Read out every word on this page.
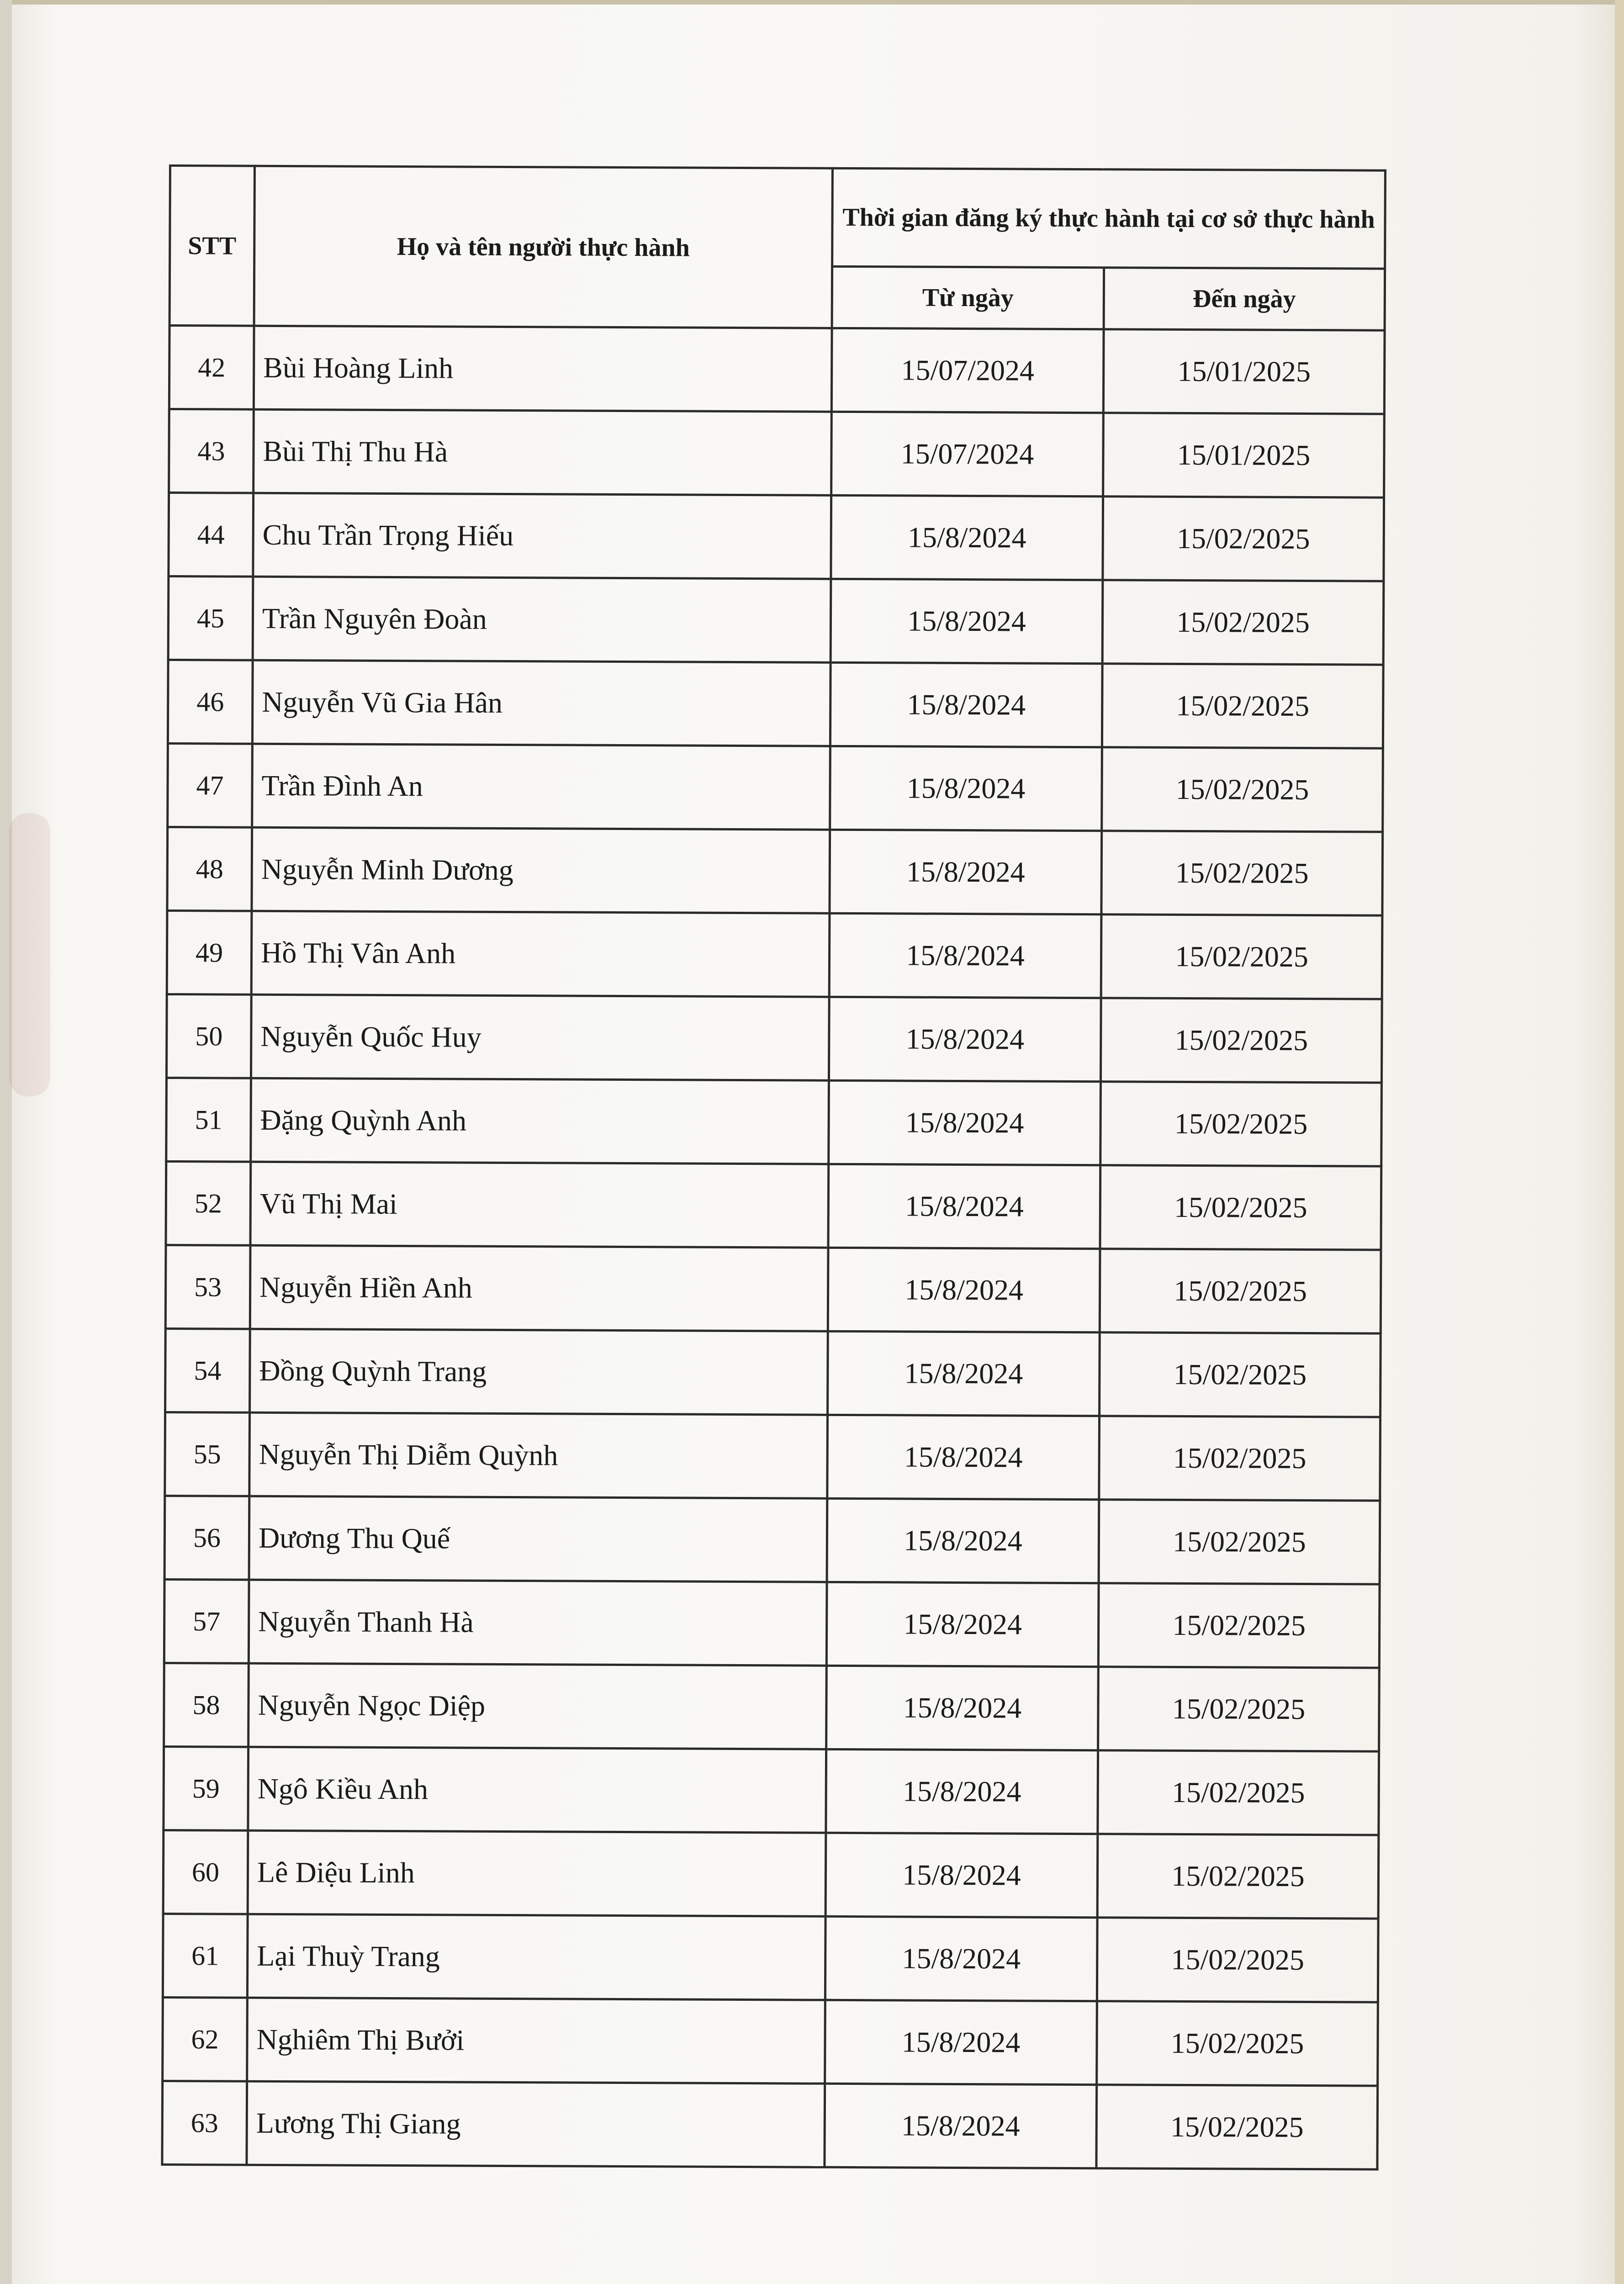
STT	Họ và tên người thực hành	Thời gian đăng ký thực hành tại cơ sở thực hành	
		Từ ngày	Đến ngày
42	Bùi Hoàng Linh	15/07/2024	15/01/2025
43	Bùi Thị Thu Hà	15/07/2024	15/01/2025
44	Chu Trần Trọng Hiếu	15/8/2024	15/02/2025
45	Trần Nguyên Đoàn	15/8/2024	15/02/2025
46	Nguyễn Vũ Gia Hân	15/8/2024	15/02/2025
47	Trần Đình An	15/8/2024	15/02/2025
48	Nguyễn Minh Dương	15/8/2024	15/02/2025
49	Hồ Thị Vân Anh	15/8/2024	15/02/2025
50	Nguyễn Quốc Huy	15/8/2024	15/02/2025
51	Đặng Quỳnh Anh	15/8/2024	15/02/2025
52	Vũ Thị Mai	15/8/2024	15/02/2025
53	Nguyễn Hiền Anh	15/8/2024	15/02/2025
54	Đồng Quỳnh Trang	15/8/2024	15/02/2025
55	Nguyễn Thị Diễm Quỳnh	15/8/2024	15/02/2025
56	Dương Thu Quế	15/8/2024	15/02/2025
57	Nguyễn Thanh Hà	15/8/2024	15/02/2025
58	Nguyễn Ngọc Diệp	15/8/2024	15/02/2025
59	Ngô Kiều Anh	15/8/2024	15/02/2025
60	Lê Diệu Linh	15/8/2024	15/02/2025
61	Lại Thuỳ Trang	15/8/2024	15/02/2025
62	Nghiêm Thị Bưởi	15/8/2024	15/02/2025
63	Lương Thị Giang	15/8/2024	15/02/2025
